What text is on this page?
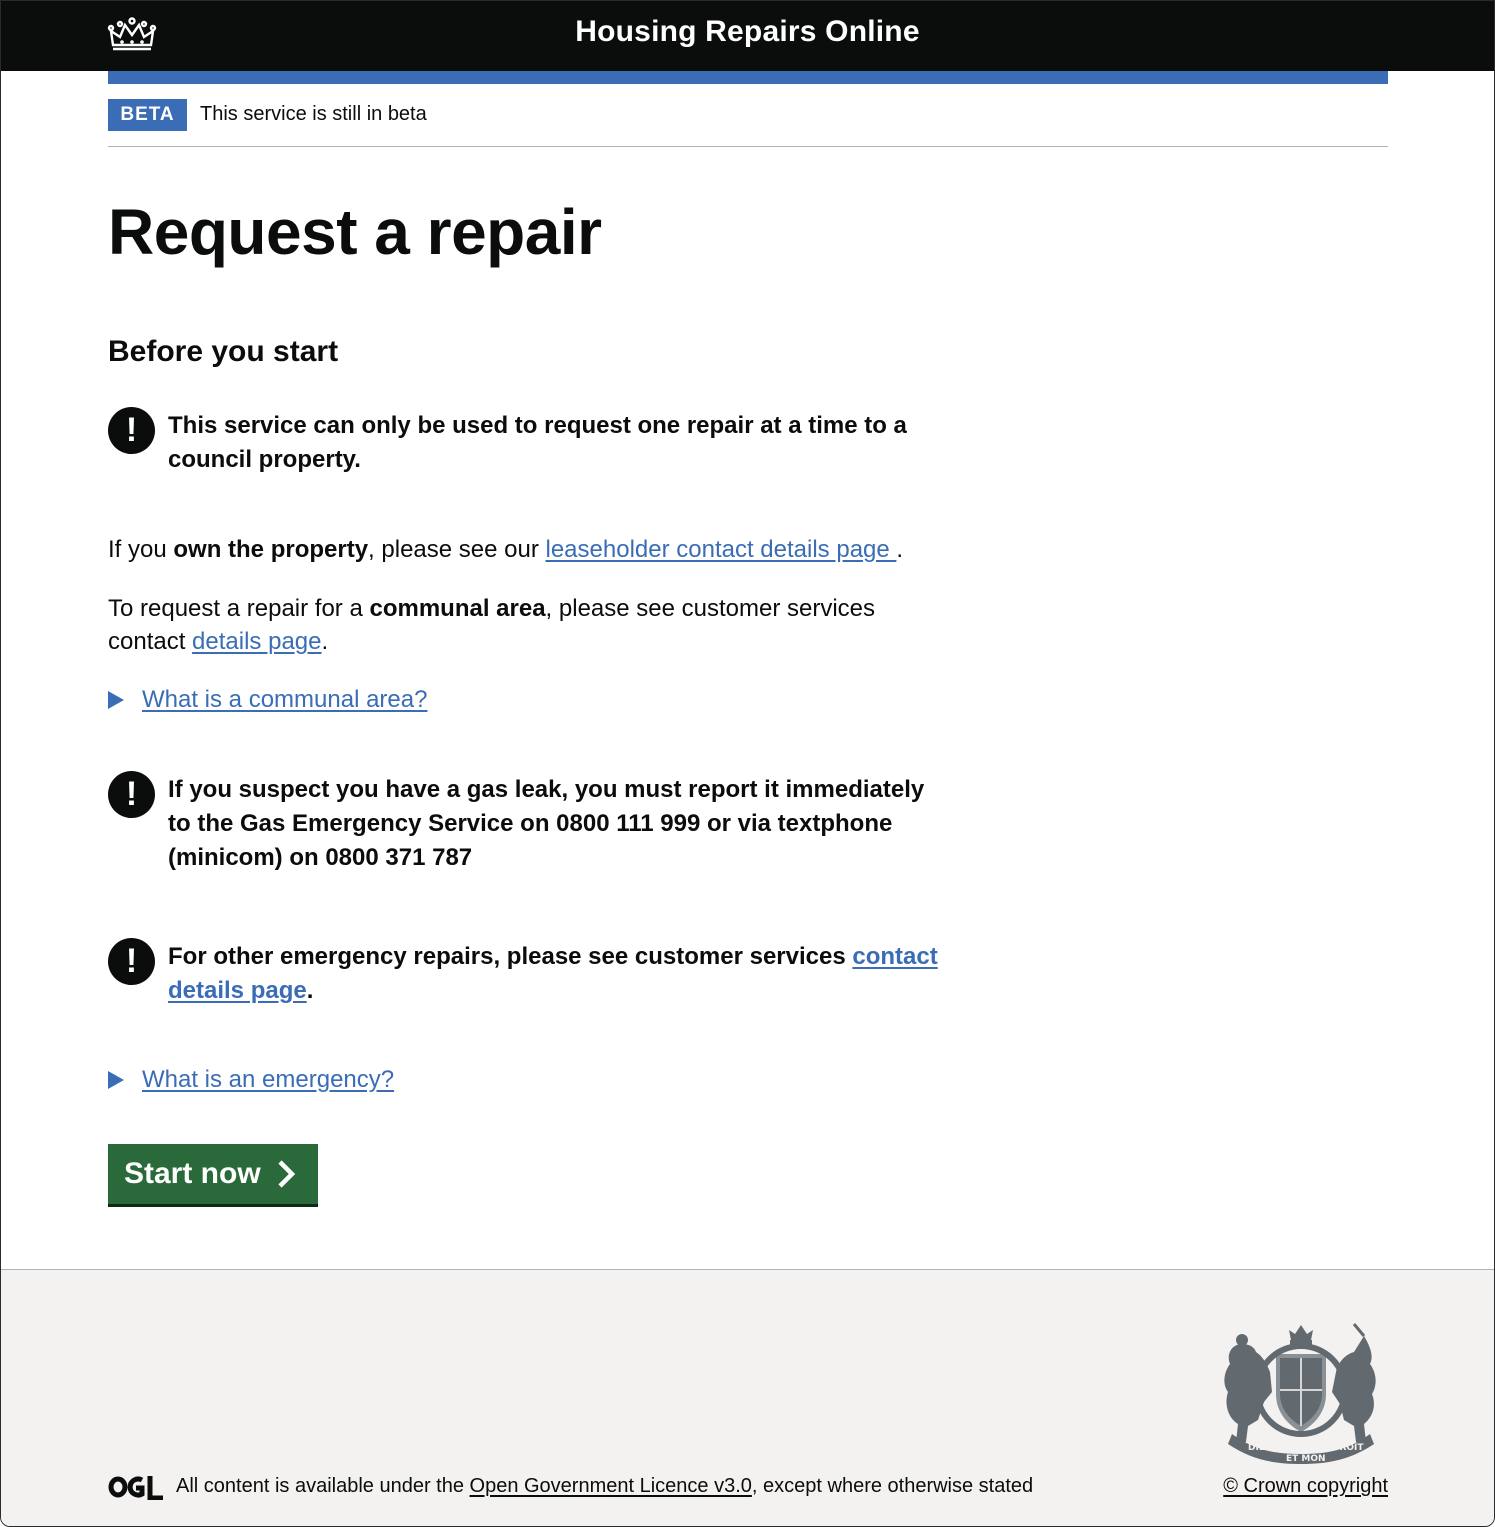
Housing Repairs Online
BETA	This service is still in beta
Request a repair
Before you start
!	This service can only be used to request one repair at a time to a council property.

If you own the property, please see our leaseholder contact details page .

To request a repair for a communal area, please see customer services contact details page.

What is a communal area?
!	If you suspect you have a gas leak, you must report it immediately to the Gas Emergency Service on 0800 111 999 or via textphone (minicom) on 0800 371 787
!	For other emergency repairs, please see customer services contact details page.
What is an emergency?
Start now
DIEU
ET MON
DROIT
All content is available under the Open Government Licence v3.0, except where otherwise stated	© Crown copyright
